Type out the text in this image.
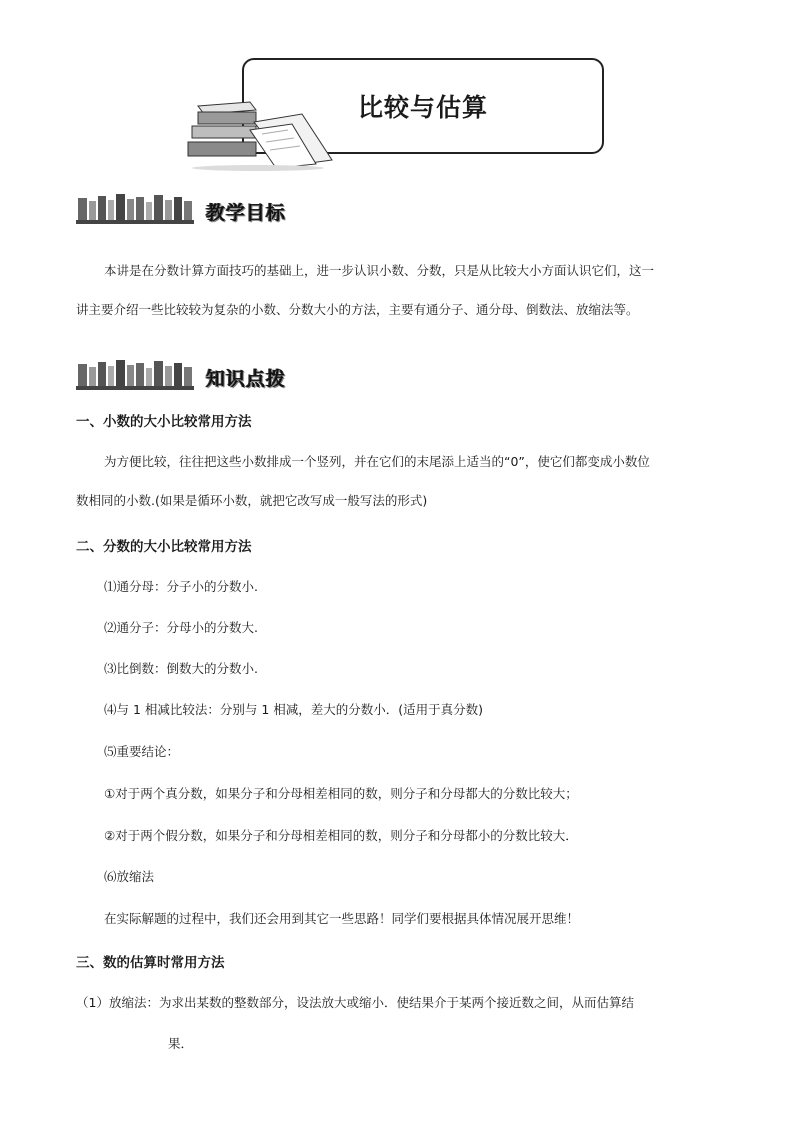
比较与估算
教学目标
本讲是在分数计算方面技巧的基础上，进一步认识小数、分数，只是从比较大小方面认识它们，这一
讲主要介绍一些比较较为复杂的小数、分数大小的方法，主要有通分子、通分母、倒数法、放缩法等。
知识点拨
一、小数的大小比较常用方法
为方便比较，往往把这些小数排成一个竖列，并在它们的末尾添上适当的“0”，使它们都变成小数位
数相同的小数.(如果是循环小数，就把它改写成一般写法的形式)
二、分数的大小比较常用方法
⑴通分母：分子小的分数小.
⑵通分子：分母小的分数大.
⑶比倒数：倒数大的分数小.
⑷与 1 相减比较法：分别与 1 相减，差大的分数小．(适用于真分数)
⑸重要结论：
①对于两个真分数，如果分子和分母相差相同的数，则分子和分母都大的分数比较大；
②对于两个假分数，如果分子和分母相差相同的数，则分子和分母都小的分数比较大．
⑹放缩法
在实际解题的过程中，我们还会用到其它一些思路！同学们要根据具体情况展开思维！
三、数的估算时常用方法
（1）放缩法：为求出某数的整数部分，设法放大或缩小．使结果介于某两个接近数之间，从而估算结
果．
